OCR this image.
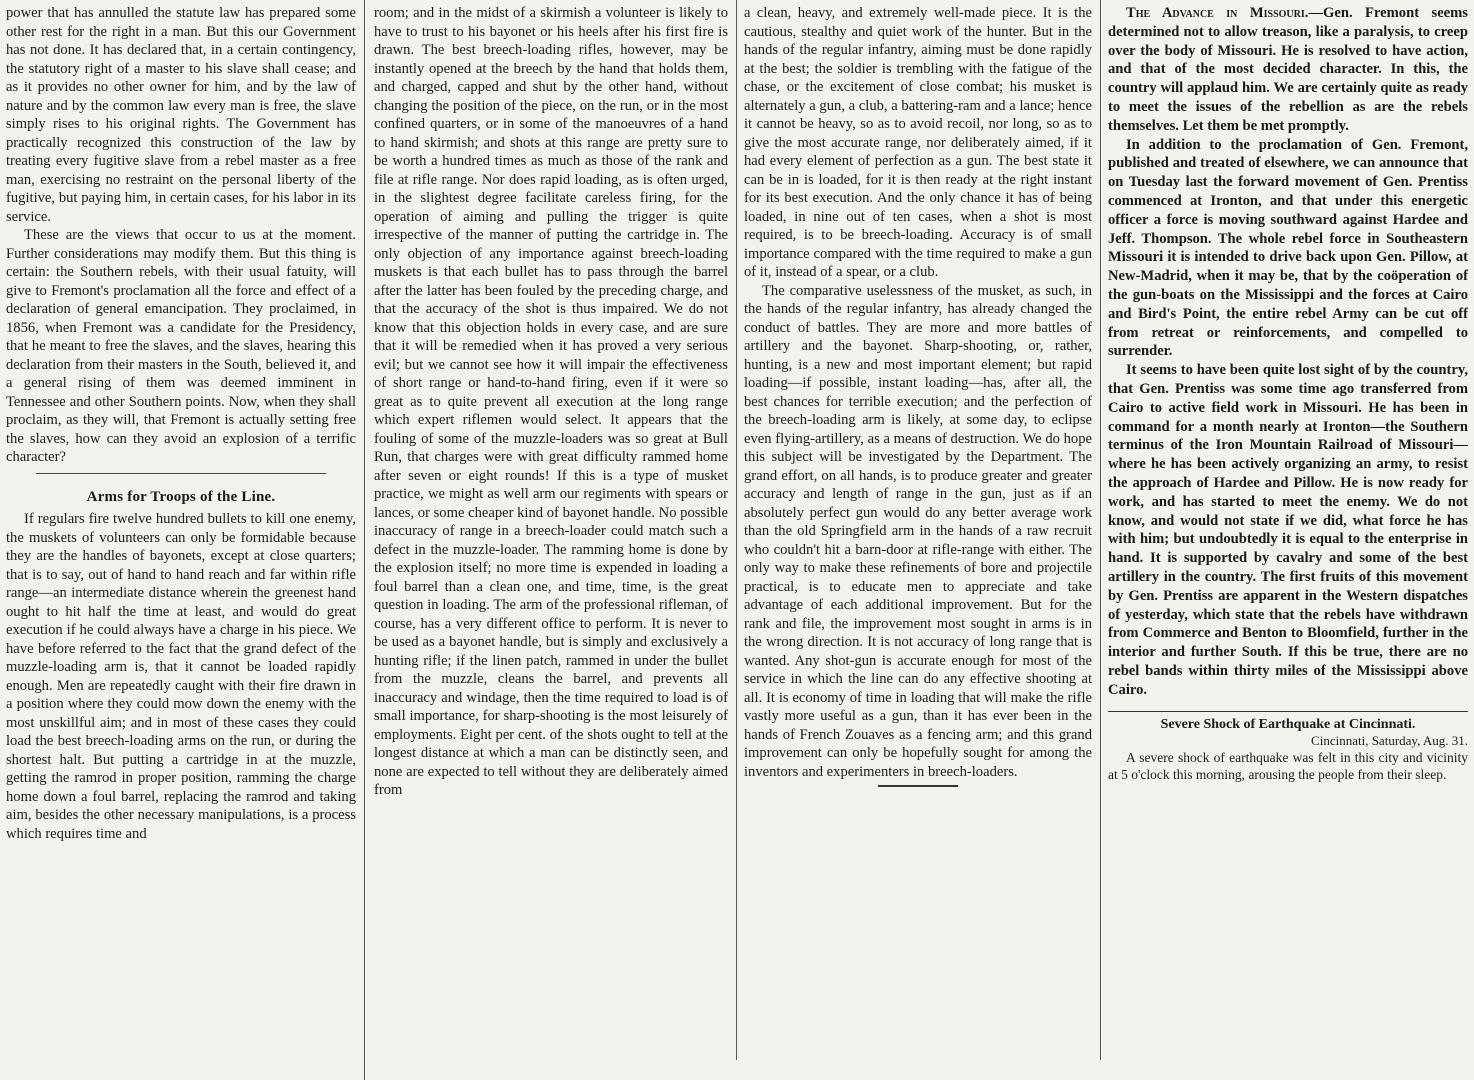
power that has annulled the statute law has prepared some other rest for the right in a man. But this our Government has not done. It has declared that, in a certain contingency, the statutory right of a master to his slave shall cease; and as it provides no other owner for him, and by the law of nature and by the common law every man is free, the slave simply rises to his original rights. The Government has practically recognized this construction of the law by treating every fugitive slave from a rebel master as a free man, exercising no restraint on the personal liberty of the fugitive, but paying him, in certain cases, for his labor in its service.

These are the views that occur to us at the moment. Further considerations may modify them. But this thing is certain: the Southern rebels, with their usual fatuity, will give to Fremont's proclamation all the force and effect of a declaration of general emancipation. They proclaimed, in 1856, when Fremont was a candidate for the Presidency, that he meant to free the slaves, and the slaves, hearing this declaration from their masters in the South, believed it, and a general rising of them was deemed imminent in Tennessee and other Southern points. Now, when they shall proclaim, as they will, that Fremont is actually setting free the slaves, how can they avoid an explosion of a terrific character?

Arms for Troops of the Line.

If regulars fire twelve hundred bullets to kill one enemy, the muskets of volunteers can only be formidable because they are the handles of bayonets, except at close quarters; that is to say, out of hand to hand reach and far within rifle range—an intermediate distance wherein the greenest hand ought to hit half the time at least, and would do great execution if he could always have a charge in his piece. We have before referred to the fact that the grand defect of the muzzle-loading arm is, that it cannot be loaded rapidly enough. Men are repeatedly caught with their fire drawn in a position where they could mow down the enemy with the most unskillful aim; and in most of these cases they could load the best breech-loading arms on the run, or during the shortest halt. But putting a cartridge in at the muzzle, getting the ramrod in proper position, ramming the charge home down a foul barrel, replacing the ramrod and taking aim, besides the other necessary manipulations, is a process which requires time and

room; and in the midst of a skirmish a volunteer is likely to have to trust to his bayonet or his heels after his first fire is drawn. The best breech-loading rifles, however, may be instantly opened at the breech by the hand that holds them, and charged, capped and shut by the other hand, without changing the position of the piece, on the run, or in the most confined quarters, or in some of the manoeuvres of a hand to hand skirmish; and shots at this range are pretty sure to be worth a hundred times as much as those of the rank and file at rifle range. Nor does rapid loading, as is often urged, in the slightest degree facilitate careless firing, for the operation of aiming and pulling the trigger is quite irrespective of the manner of putting the cartridge in. The only objection of any importance against breech-loading muskets is that each bullet has to pass through the barrel after the latter has been fouled by the preceding charge, and that the accuracy of the shot is thus impaired. We do not know that this objection holds in every case, and are sure that it will be remedied when it has proved a very serious evil; but we cannot see how it will impair the effectiveness of short range or hand-to-hand firing, even if it were so great as to quite prevent all execution at the long range which expert riflemen would select. It appears that the fouling of some of the muzzle-loaders was so great at Bull Run, that charges were with great difficulty rammed home after seven or eight rounds! If this is a type of musket practice, we might as well arm our regiments with spears or lances, or some cheaper kind of bayonet handle. No possible inaccuracy of range in a breech-loader could match such a defect in the muzzle-loader. The ramming home is done by the explosion itself; no more time is expended in loading a foul barrel than a clean one, and time, time, is the great question in loading. The arm of the professional rifleman, of course, has a very different office to perform. It is never to be used as a bayonet handle, but is simply and exclusively a hunting rifle; if the linen patch, rammed in under the bullet from the muzzle, cleans the barrel, and prevents all inaccuracy and windage, then the time required to load is of small importance, for sharp-shooting is the most leisurely of employments. Eight per cent. of the shots ought to tell at the longest distance at which a man can be distinctly seen, and none are expected to tell without they are deliberately aimed from

a clean, heavy, and extremely well-made piece. It is the cautious, stealthy and quiet work of the hunter. But in the hands of the regular infantry, aiming must be done rapidly at the best; the soldier is trembling with the fatigue of the chase, or the excitement of close combat; his musket is alternately a gun, a club, a battering-ram and a lance; hence it cannot be heavy, so as to avoid recoil, nor long, so as to give the most accurate range, nor deliberately aimed, if it had every element of perfection as a gun. The best state it can be in is loaded, for it is then ready at the right instant for its best execution. And the only chance it has of being loaded, in nine out of ten cases, when a shot is most required, is to be breech-loading. Accuracy is of small importance compared with the time required to make a gun of it, instead of a spear, or a club.

The comparative uselessness of the musket, as such, in the hands of the regular infantry, has already changed the conduct of battles. They are more and more battles of artillery and the bayonet. Sharp-shooting, or, rather, hunting, is a new and most important element; but rapid loading—if possible, instant loading—has, after all, the best chances for terrible execution; and the perfection of the breech-loading arm is likely, at some day, to eclipse even flying-artillery, as a means of destruction. We do hope this subject will be investigated by the Department. The grand effort, on all hands, is to produce greater and greater accuracy and length of range in the gun, just as if an absolutely perfect gun would do any better average work than the old Springfield arm in the hands of a raw recruit who couldn't hit a barn-door at rifle-range with either. The only way to make these refinements of bore and projectile practical, is to educate men to appreciate and take advantage of each additional improvement. But for the rank and file, the improvement most sought in arms is in the wrong direction. It is not accuracy of long range that is wanted. Any shot-gun is accurate enough for most of the service in which the line can do any effective shooting at all. It is economy of time in loading that will make the rifle vastly more useful as a gun, than it has ever been in the hands of French Zouaves as a fencing arm; and this grand improvement can only be hopefully sought for among the inventors and experimenters in breech-loaders.

The Advance in Missouri.—Gen. Fremont seems determined not to allow treason, like a paralysis, to creep over the body of Missouri. He is resolved to have action, and that of the most decided character. In this, the country will applaud him. We are certainly quite as ready to meet the issues of the rebellion as are the rebels themselves. Let them be met promptly.

In addition to the proclamation of Gen. Fremont, published and treated of elsewhere, we can announce that on Tuesday last the forward movement of Gen. Prentiss commenced at Ironton, and that under this energetic officer a force is moving southward against Hardee and Jeff. Thompson. The whole rebel force in Southeastern Missouri it is intended to drive back upon Gen. Pillow, at New-Madrid, when it may be, that by the coöperation of the gun-boats on the Mississippi and the forces at Cairo and Bird's Point, the entire rebel Army can be cut off from retreat or reinforcements, and compelled to surrender.

It seems to have been quite lost sight of by the country, that Gen. Prentiss was some time ago transferred from Cairo to active field work in Missouri. He has been in command for a month nearly at Ironton—the Southern terminus of the Iron Mountain Railroad of Missouri—where he has been actively organizing an army, to resist the approach of Hardee and Pillow. He is now ready for work, and has started to meet the enemy. We do not know, and would not state if we did, what force he has with him; but undoubtedly it is equal to the enterprise in hand. It is supported by cavalry and some of the best artillery in the country. The first fruits of this movement by Gen. Prentiss are apparent in the Western dispatches of yesterday, which state that the rebels have withdrawn from Commerce and Benton to Bloomfield, further in the interior and further South. If this be true, there are no rebel bands within thirty miles of the Mississippi above Cairo.

Severe Shock of Earthquake at Cincinnati.
Cincinnati, Saturday, Aug. 31.

A severe shock of earthquake was felt in this city and vicinity at 5 o'clock this morning, arousing the people from their sleep.
